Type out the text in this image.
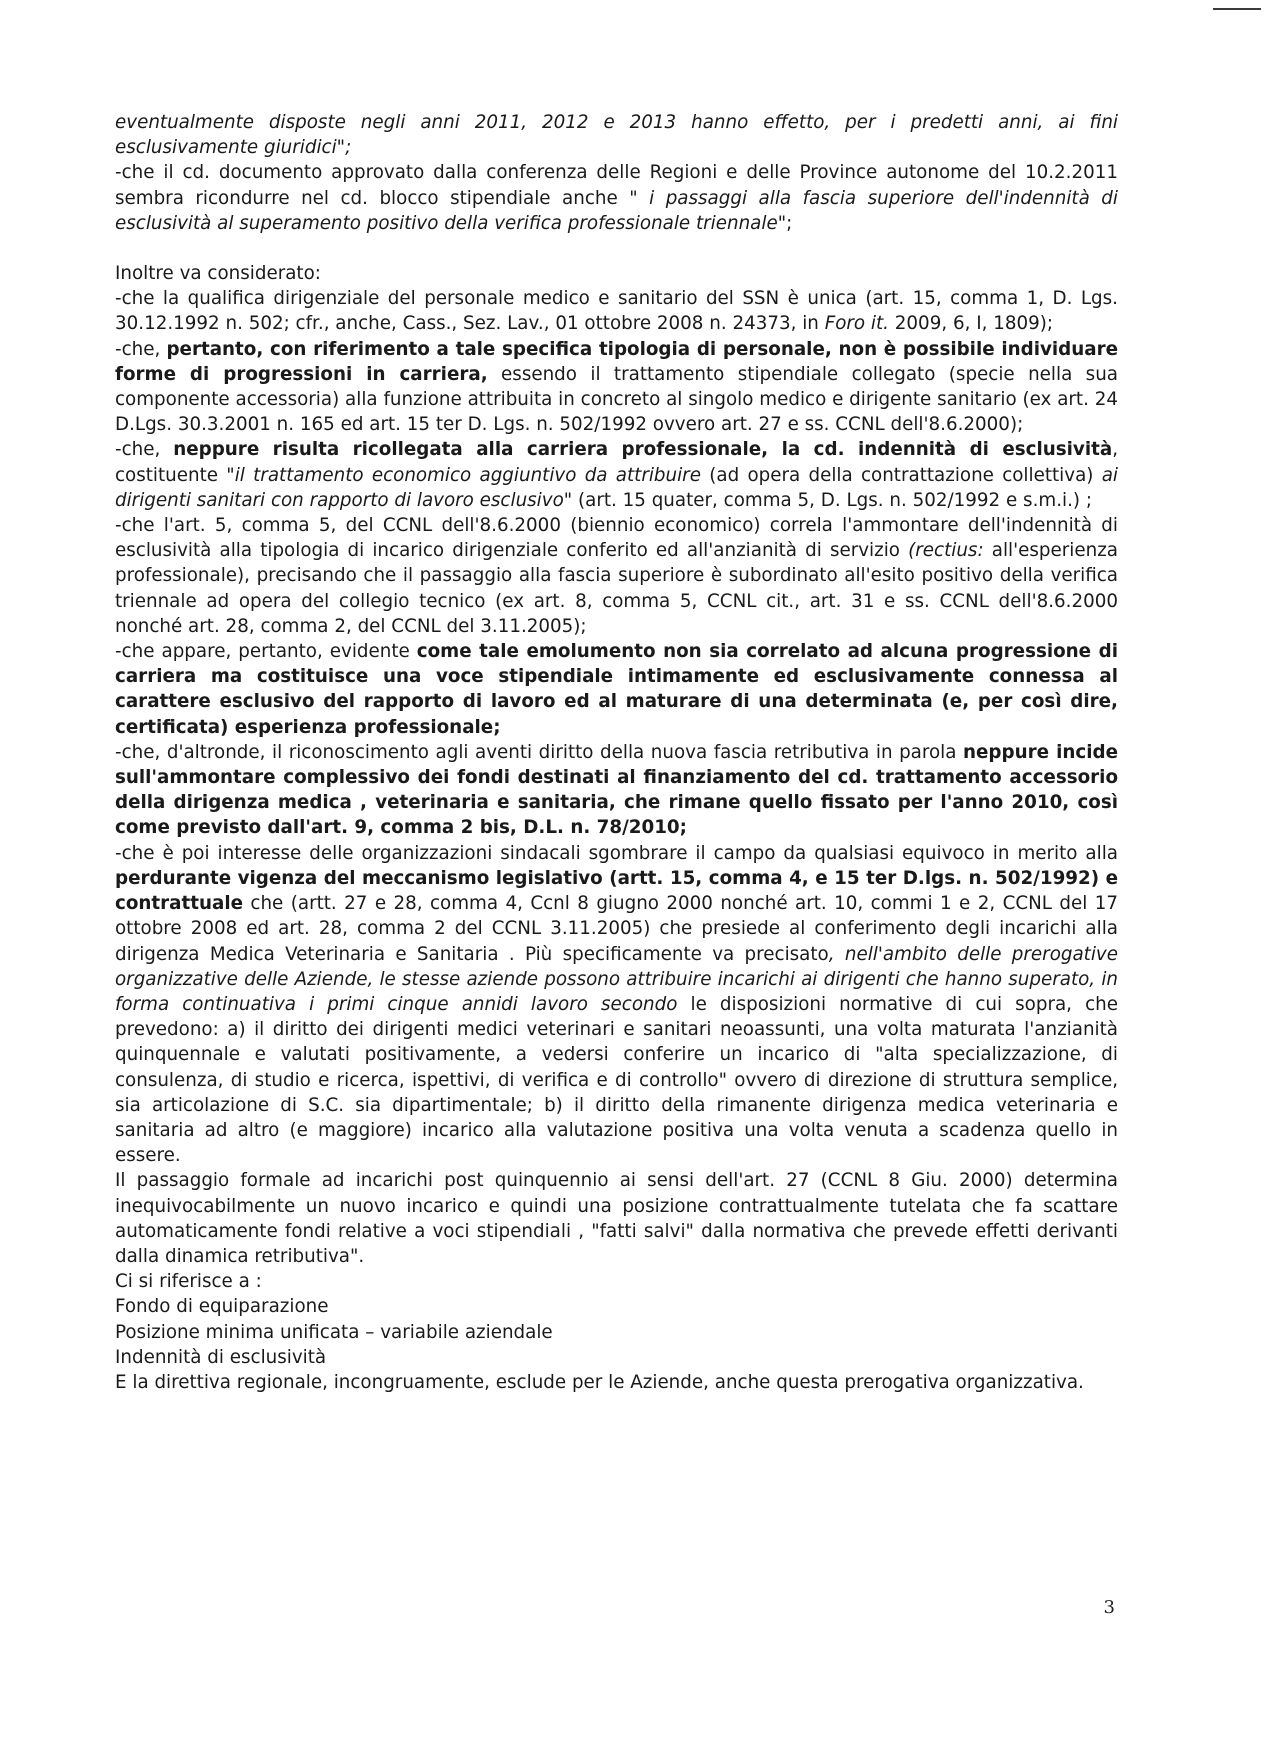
eventualmente disposte negli anni 2011, 2012 e 2013 hanno effetto, per i predetti anni, ai fini esclusivamente giuridici";

-che il cd. documento approvato dalla conferenza delle Regioni e delle Province autonome del 10.2.2011 sembra ricondurre nel cd. blocco stipendiale anche " i passaggi alla fascia superiore dell'indennità di esclusività al superamento positivo della verifica professionale triennale";

Inoltre va considerato:

-che la qualifica dirigenziale del personale medico e sanitario del SSN è unica (art. 15, comma 1, D. Lgs. 30.12.1992 n. 502; cfr., anche, Cass., Sez. Lav., 01 ottobre 2008 n. 24373, in Foro it. 2009, 6, I, 1809);

-che, pertanto, con riferimento a tale specifica tipologia di personale, non è possibile individuare forme di progressioni in carriera, essendo il trattamento stipendiale collegato (specie nella sua componente accessoria) alla funzione attribuita in concreto al singolo medico e dirigente sanitario (ex art. 24 D.Lgs. 30.3.2001 n. 165 ed art. 15 ter D. Lgs. n. 502/1992 ovvero art. 27 e ss. CCNL dell'8.6.2000);

-che, neppure risulta ricollegata alla carriera professionale, la cd. indennità di esclusività, costituente "il trattamento economico aggiuntivo da attribuire (ad opera della contrattazione collettiva) ai dirigenti sanitari con rapporto di lavoro esclusivo" (art. 15 quater, comma 5, D. Lgs. n. 502/1992 e s.m.i.) ;

-che l'art. 5, comma 5, del CCNL dell'8.6.2000 (biennio economico) correla l'ammontare dell'indennità di esclusività alla tipologia di incarico dirigenziale conferito ed all'anzianità di servizio (rectius: all'esperienza professionale), precisando che il passaggio alla fascia superiore è subordinato all'esito positivo della verifica triennale ad opera del collegio tecnico (ex art. 8, comma 5, CCNL cit., art. 31 e ss. CCNL dell'8.6.2000 nonché art. 28, comma 2, del CCNL del 3.11.2005);

-che appare, pertanto, evidente come tale emolumento non sia correlato ad alcuna progressione di carriera ma costituisce una voce stipendiale intimamente ed esclusivamente connessa al carattere esclusivo del rapporto di lavoro ed al maturare di una determinata (e, per così dire, certificata) esperienza professionale;

-che, d'altronde, il riconoscimento agli aventi diritto della nuova fascia retributiva in parola neppure incide sull'ammontare complessivo dei fondi destinati al finanziamento del cd. trattamento accessorio della dirigenza medica , veterinaria e sanitaria, che rimane quello fissato per l'anno 2010, così come previsto dall'art. 9, comma 2 bis, D.L. n. 78/2010;

-che è poi interesse delle organizzazioni sindacali sgombrare il campo da qualsiasi equivoco in merito alla perdurante vigenza del meccanismo legislativo (artt. 15, comma 4, e 15 ter D.lgs. n. 502/1992) e contrattuale che (artt. 27 e 28, comma 4, Ccnl 8 giugno 2000 nonché art. 10, commi 1 e 2, CCNL del 17 ottobre 2008 ed art. 28, comma 2 del CCNL 3.11.2005) che presiede al conferimento degli incarichi alla dirigenza Medica Veterinaria e Sanitaria . Più specificamente va precisato, nell'ambito delle prerogative organizzative delle Aziende, le stesse aziende possono attribuire incarichi ai dirigenti che hanno superato, in forma continuativa i primi cinque annidi lavoro secondo le disposizioni normative di cui sopra, che prevedono: a) il diritto dei dirigenti medici veterinari e sanitari neoassunti, una volta maturata l'anzianità quinquennale e valutati positivamente, a vedersi conferire un incarico di "alta specializzazione, di consulenza, di studio e ricerca, ispettivi, di verifica e di controllo" ovvero di direzione di struttura semplice, sia articolazione di S.C. sia dipartimentale; b) il diritto della rimanente dirigenza medica veterinaria e sanitaria ad altro (e maggiore) incarico alla valutazione positiva una volta venuta a scadenza quello in essere.

Il passaggio formale ad incarichi post quinquennio ai sensi dell'art. 27 (CCNL 8 Giu. 2000) determina inequivocabilmente un nuovo incarico e quindi una posizione contrattualmente tutelata che fa scattare automaticamente fondi relative a voci stipendiali , "fatti salvi" dalla normativa che prevede effetti derivanti dalla dinamica retributiva".

Ci si riferisce a :

Fondo di equiparazione

Posizione minima unificata – variabile aziendale

Indennità di esclusività

E la direttiva regionale, incongruamente, esclude per le Aziende, anche questa prerogativa organizzativa.

3
